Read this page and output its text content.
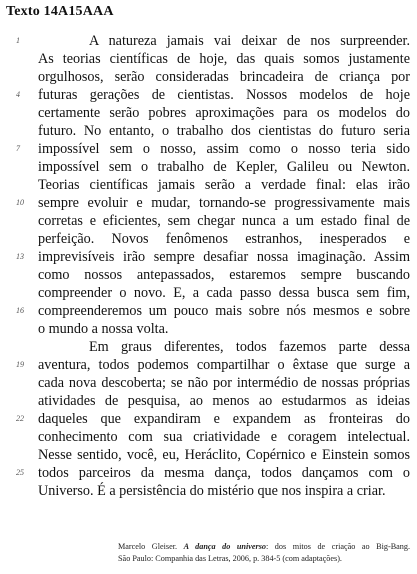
Texto 14A15AAA
1	A natureza jamais vai deixar de nos surpreender.
As teorias científicas de hoje, das quais somos justamente
orgulhosos, serão consideradas brincadeira de criança por
4	futuras gerações de cientistas. Nossos modelos de hoje
certamente serão pobres aproximações para os modelos do
futuro. No entanto, o trabalho dos cientistas do futuro seria
7	impossível sem o nosso, assim como o nosso teria sido
impossível sem o trabalho de Kepler, Galileu ou Newton.
Teorias científicas jamais serão a verdade final: elas irão
10 sempre evoluir e mudar, tornando-se progressivamente mais
corretas e eficientes, sem chegar nunca a um estado final de
perfeição. Novos fenômenos estranhos, inesperados e
13 imprevisíveis irão sempre desafiar nossa imaginação. Assim
como nossos antepassados, estaremos sempre buscando
compreender o novo. E, a cada passo dessa busca sem fim,
16 compreenderemos um pouco mais sobre nós mesmos e sobre
o mundo a nossa volta.
Em graus diferentes, todos fazemos parte dessa
19 aventura, todos podemos compartilhar o êxtase que surge a
cada nova descoberta; se não por intermédio de nossas próprias
atividades de pesquisa, ao menos ao estudarmos as ideias
22 daqueles que expandiram e expandem as fronteiras do
conhecimento com sua criatividade e coragem intelectual.
Nesse sentido, você, eu, Heráclito, Copérnico e Einstein somos
25 todos parceiros da mesma dança, todos dançamos com o
Universo. É a persistência do mistério que nos inspira a criar.
Marcelo Gleiser. A dança do universo: dos mitos de criação ao Big-Bang.
São Paulo: Companhia das Letras, 2006, p. 384-5 (com adaptações).
